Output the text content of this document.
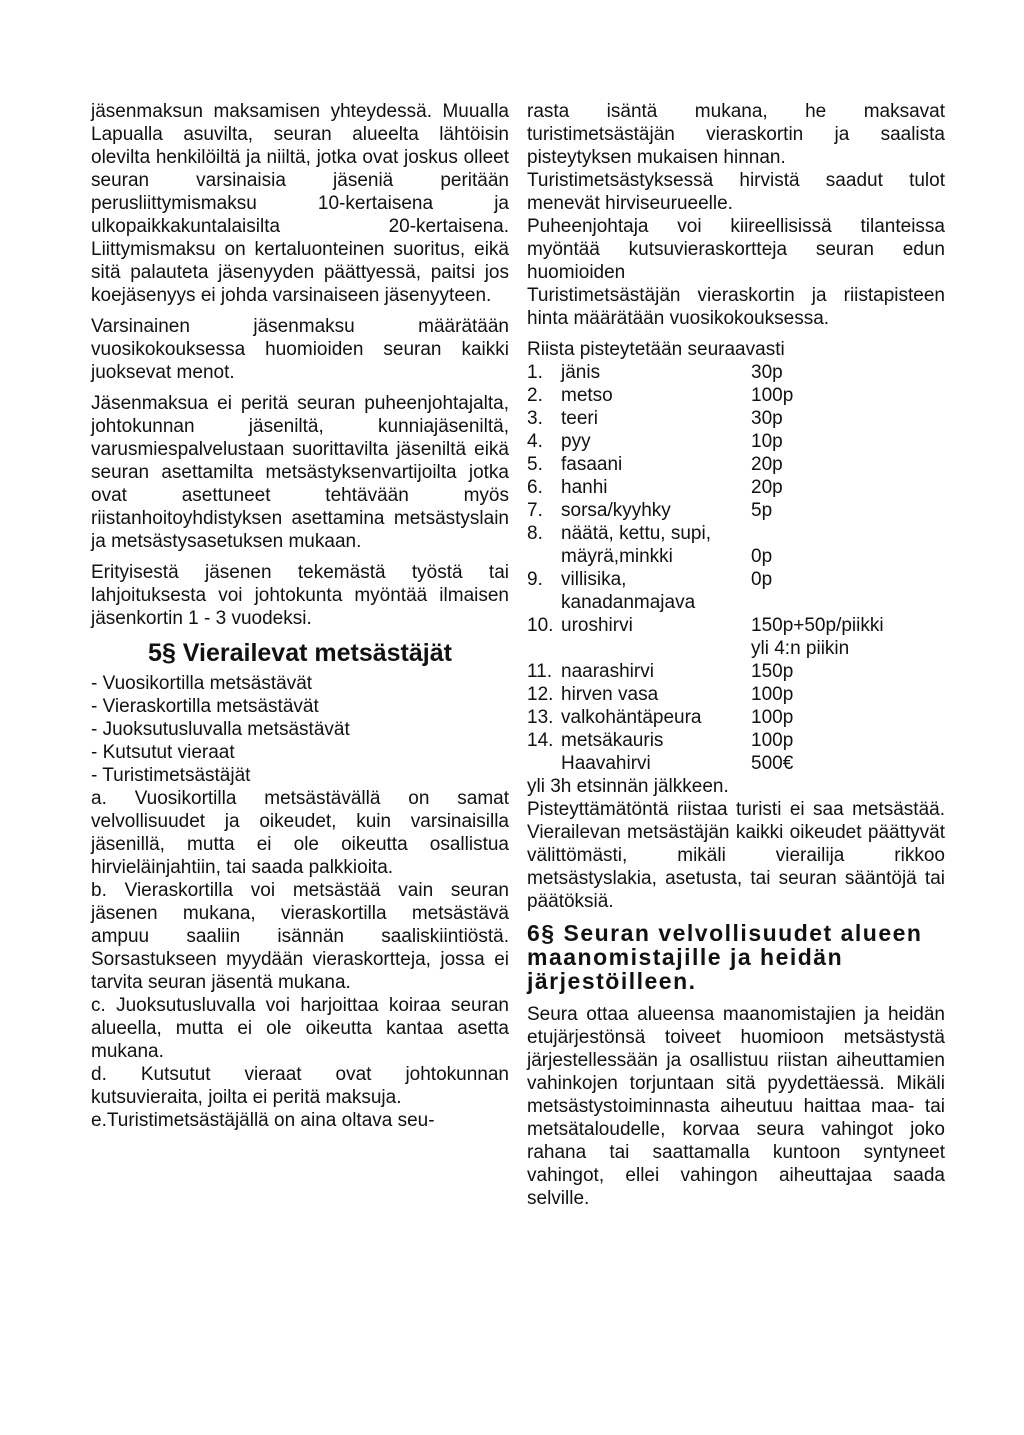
jäsenmaksun maksamisen yhteydessä. Muualla Lapualla asuvilta, seuran alueelta lähtöisin olevilta henkilöiltä ja niiltä, jotka ovat joskus olleet seuran varsinaisia jäseniä peritään perusliittymismaksu 10-kertaisena ja ulkopaikkakuntalaisilta 20-kertaisena. Liittymismaksu on kertaluonteinen suoritus, eikä sitä palauteta jäsenyyden päättyessä, paitsi jos koejäsenyys ei johda varsinaiseen jäsenyyteen.

Varsinainen jäsenmaksu määrätään vuosikokouksessa huomioiden seuran kaikki juoksevat menot.

Jäsenmaksua ei peritä seuran puheenjohtajalta, johtokunnan jäseniltä, kunniajäseniltä, varusmiespalvelustaan suorittavilta jäseniltä eikä seuran asettamilta metsästyksenvartijoilta jotka ovat asettuneet tehtävään myös riistanhoitoyhdistyksen asettamina metsästyslain ja metsästysasetuksen mukaan.

Erityisestä jäsenen tekemästä työstä tai lahjoituksesta voi johtokunta myöntää ilmaisen jäsenkortin 1 - 3 vuodeksi.

5§ Vierailevat metsästäjät

- Vuosikortilla metsästävät

- Vieraskortilla metsästävät

- Juoksutusluvalla metsästävät

- Kutsutut vieraat

- Turistimetsästäjät

a. Vuosikortilla metsästävällä on samat velvollisuudet ja oikeudet, kuin varsinaisilla jäsenillä, mutta ei ole oikeutta osallistua hirvieläinjahtiin, tai saada palkkioita.

b. Vieraskortilla voi metsästää vain seuran jäsenen mukana, vieraskortilla metsästävä ampuu saaliin isännän saaliskiintiöstä. Sorsastukseen myydään vieraskortteja, jossa ei tarvita seuran jäsentä mukana.

c. Juoksutusluvalla voi harjoittaa koiraa seuran alueella, mutta ei ole oikeutta kantaa asetta mukana.

d. Kutsutut vieraat ovat johtokunnan kutsuvieraita, joilta ei peritä maksuja.

e.Turistimetsästäjällä on aina oltava seu-

rasta isäntä mukana, he maksavat turistimetsästäjän vieraskortin ja saalista pisteytyksen mukaisen hinnan.

Turistimetsästyksessä hirvistä saadut tulot menevät hirviseurueelle.

Puheenjohtaja voi kiireellisissä tilanteissa myöntää kutsuvieraskortteja seuran edun huomioiden

Turistimetsästäjän vieraskortin ja riistapisteen hinta määrätään vuosikokouksessa.

Riista pisteytetään seuraavasti

1.	jänis	30p
2.	metso	100p
3.	teeri	30p
4.	pyy	10p
5.	fasaani	20p
6.	hanhi	20p
7.	sorsa/kyyhky	5p
8.	näätä, kettu, supi,	
	mäyrä,minkki	0p
9.	villisika, kanadanmajava	0p
10.	uroshirvi	150p+50p/piikki
		yli 4:n piikin
11.	naarashirvi	150p
12.	hirven vasa	100p
13.	valkohäntäpeura	100p
14.	metsäkauris	100p
	Haavahirvi	500€

yli 3h etsinnän jälkkeen.

Pisteyttämätöntä riistaa turisti ei saa metsästää. Vierailevan metsästäjän kaikki oikeudet päättyvät välittömästi, mikäli vierailija rikkoo metsästyslakia, asetusta, tai seuran sääntöjä tai päätöksiä.

6§ Seuran velvollisuudet alueen maanomistajille ja heidän järjestöilleen.

Seura ottaa alueensa maanomistajien ja heidän etujärjestönsä toiveet huomioon metsästystä järjestellessään ja osallistuu riistan aiheuttamien vahinkojen torjuntaan sitä pyydettäessä. Mikäli metsästystoiminnasta aiheutuu haittaa maa- tai metsätaloudelle, korvaa seura vahingot joko rahana tai saattamalla kuntoon syntyneet vahingot, ellei vahingon aiheuttajaa saada selville.
